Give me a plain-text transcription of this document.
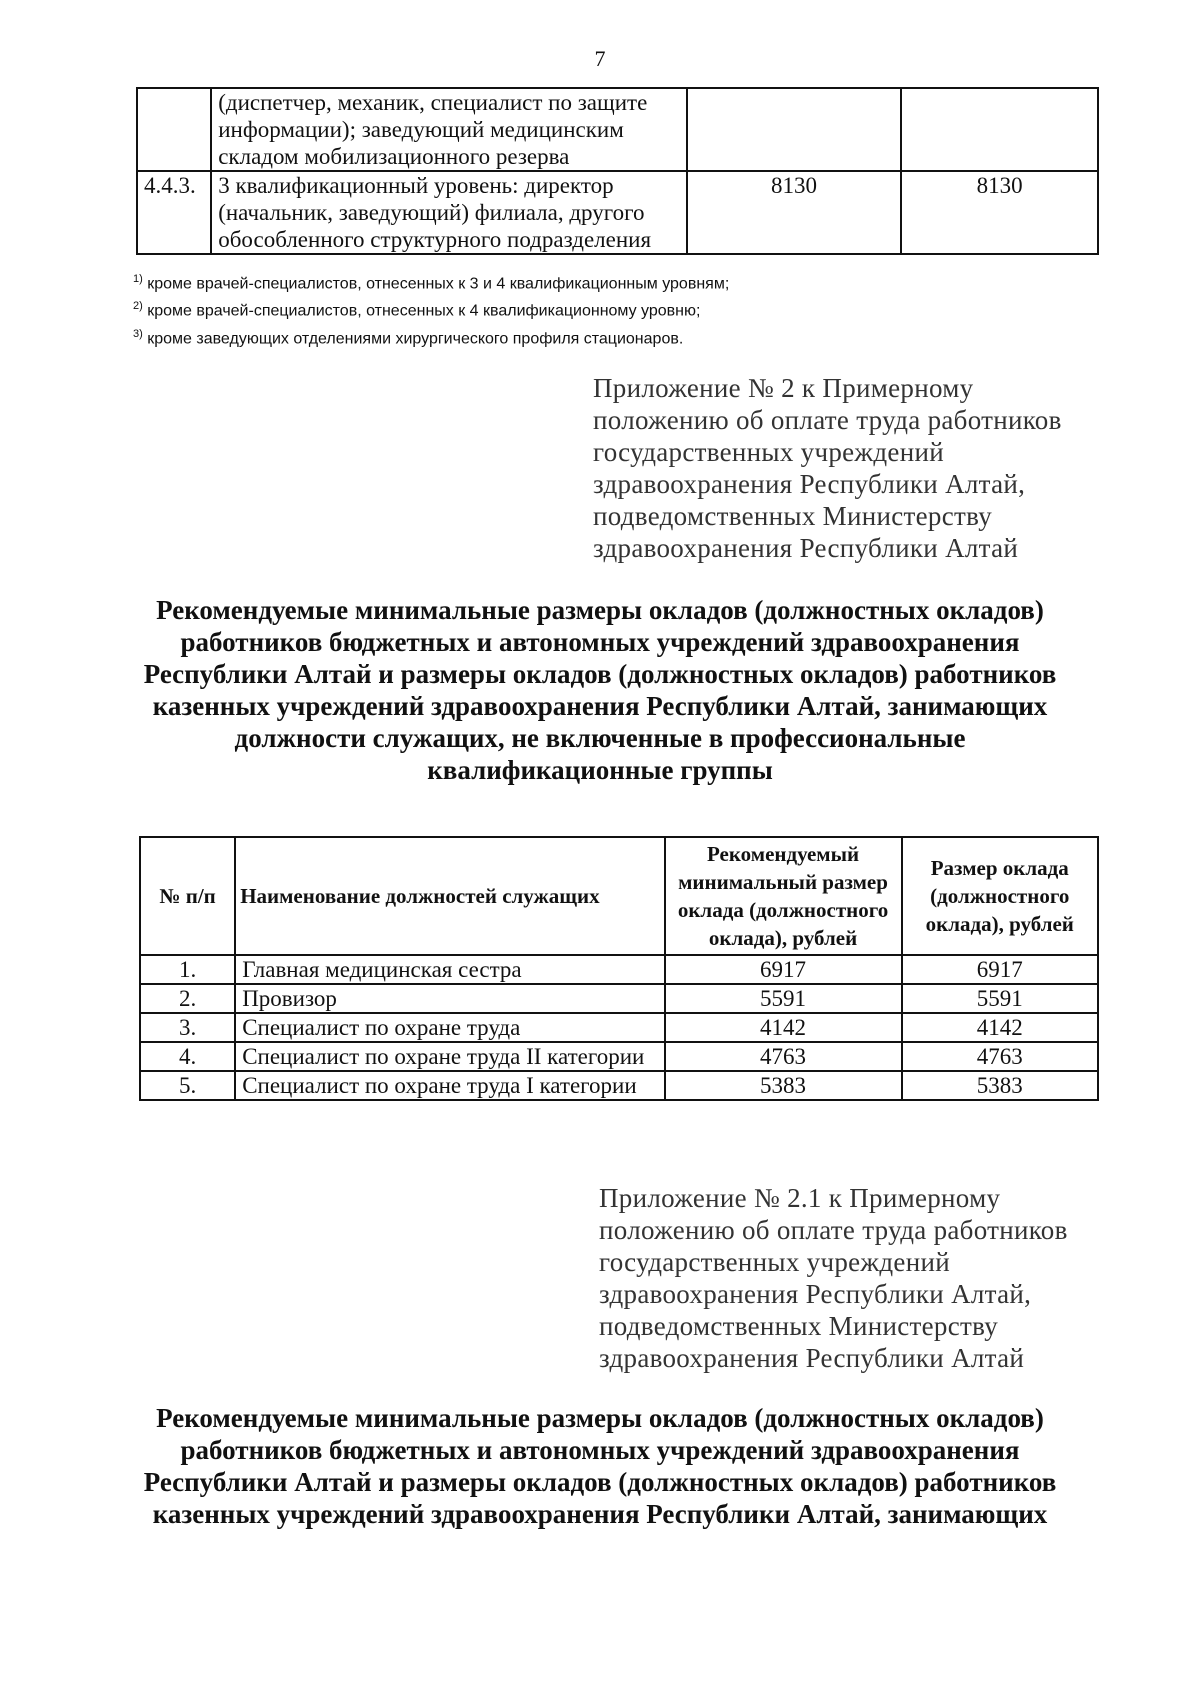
7
	(диспетчер, механик, специалист по защите информации); заведующий медицинским складом мобилизационного резерва		
4.4.3.	3 квалификационный уровень: директор (начальник, заведующий) филиала, другого обособленного структурного подразделения	8130	8130
$^{1)}$ кроме врачей-специалистов, отнесенных к 3 и 4 квалификационным уровням;
$^{2)}$ кроме врачей-специалистов, отнесенных к 4 квалификационному уровню;
$^{3)}$ кроме заведующих отделениями хирургического профиля стационаров.
Приложение № 2 к Примерному
положению об оплате труда работников
государственных учреждений
здравоохранения Республики Алтай,
подведомственных Министерству
здравоохранения Республики Алтай
Рекомендуемые минимальные размеры окладов (должностных окладов)
работников бюджетных и автономных учреждений здравоохранения
Республики Алтай и размеры окладов (должностных окладов) работников
казенных учреждений здравоохранения Республики Алтай, занимающих
должности служащих, не включенные в профессиональные
квалификационные группы
№ п/п	Наименование должностей служащих	Рекомендуемый минимальный размер оклада (должностного оклада), рублей	Размер оклада (должностного оклада), рублей
1.	Главная медицинская сестра	6917	6917
2.	Провизор	5591	5591
3.	Специалист по охране труда	4142	4142
4.	Специалист по охране труда II категории	4763	4763
5.	Специалист по охране труда I категории	5383	5383
Приложение № 2.1 к Примерному
положению об оплате труда работников
государственных учреждений
здравоохранения Республики Алтай,
подведомственных Министерству
здравоохранения Республики Алтай
Рекомендуемые минимальные размеры окладов (должностных окладов)
работников бюджетных и автономных учреждений здравоохранения
Республики Алтай и размеры окладов (должностных окладов) работников
казенных учреждений здравоохранения Республики Алтай, занимающих
